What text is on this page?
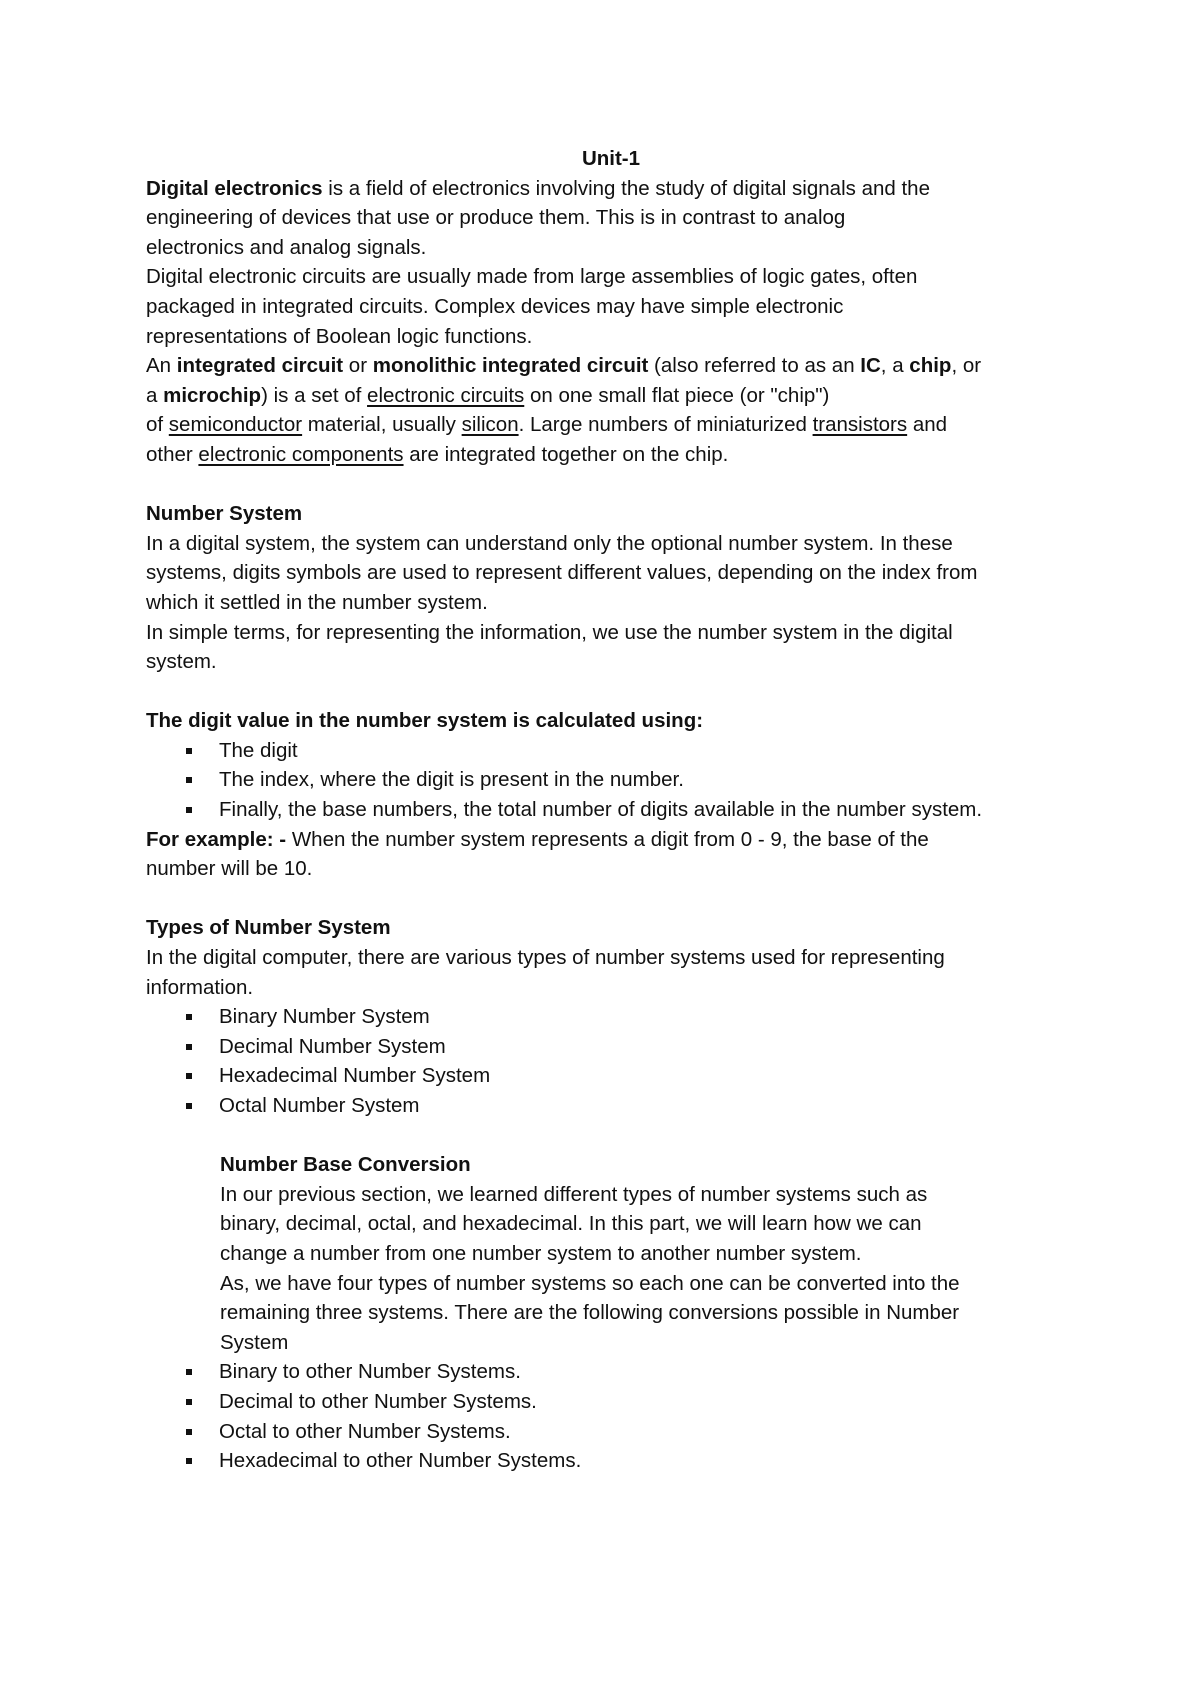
Unit-1
Digital electronics is a field of electronics involving the study of digital signals and the
engineering of devices that use or produce them. This is in contrast to analog
electronics and analog signals.
Digital electronic circuits are usually made from large assemblies of logic gates, often
packaged in integrated circuits. Complex devices may have simple electronic
representations of Boolean logic functions.
An integrated circuit or monolithic integrated circuit (also referred to as an IC, a chip, or
a microchip) is a set of electronic circuits on one small flat piece (or "chip")
of semiconductor material, usually silicon. Large numbers of miniaturized transistors and
other electronic components are integrated together on the chip.
Number System
In a digital system, the system can understand only the optional number system. In these
systems, digits symbols are used to represent different values, depending on the index from
which it settled in the number system.
In simple terms, for representing the information, we use the number system in the digital
system.
The digit value in the number system is calculated using:
The digit
The index, where the digit is present in the number.
Finally, the base numbers, the total number of digits available in the number system.
For example: - When the number system represents a digit from 0 - 9, the base of the
number will be 10.
Types of Number System
In the digital computer, there are various types of number systems used for representing
information.
Binary Number System
Decimal Number System
Hexadecimal Number System
Octal Number System
Number Base Conversion
In our previous section, we learned different types of number systems such as
binary, decimal, octal, and hexadecimal. In this part, we will learn how we can
change a number from one number system to another number system.
As, we have four types of number systems so each one can be converted into the
remaining three systems. There are the following conversions possible in Number
System
Binary to other Number Systems.
Decimal to other Number Systems.
Octal to other Number Systems.
Hexadecimal to other Number Systems.
